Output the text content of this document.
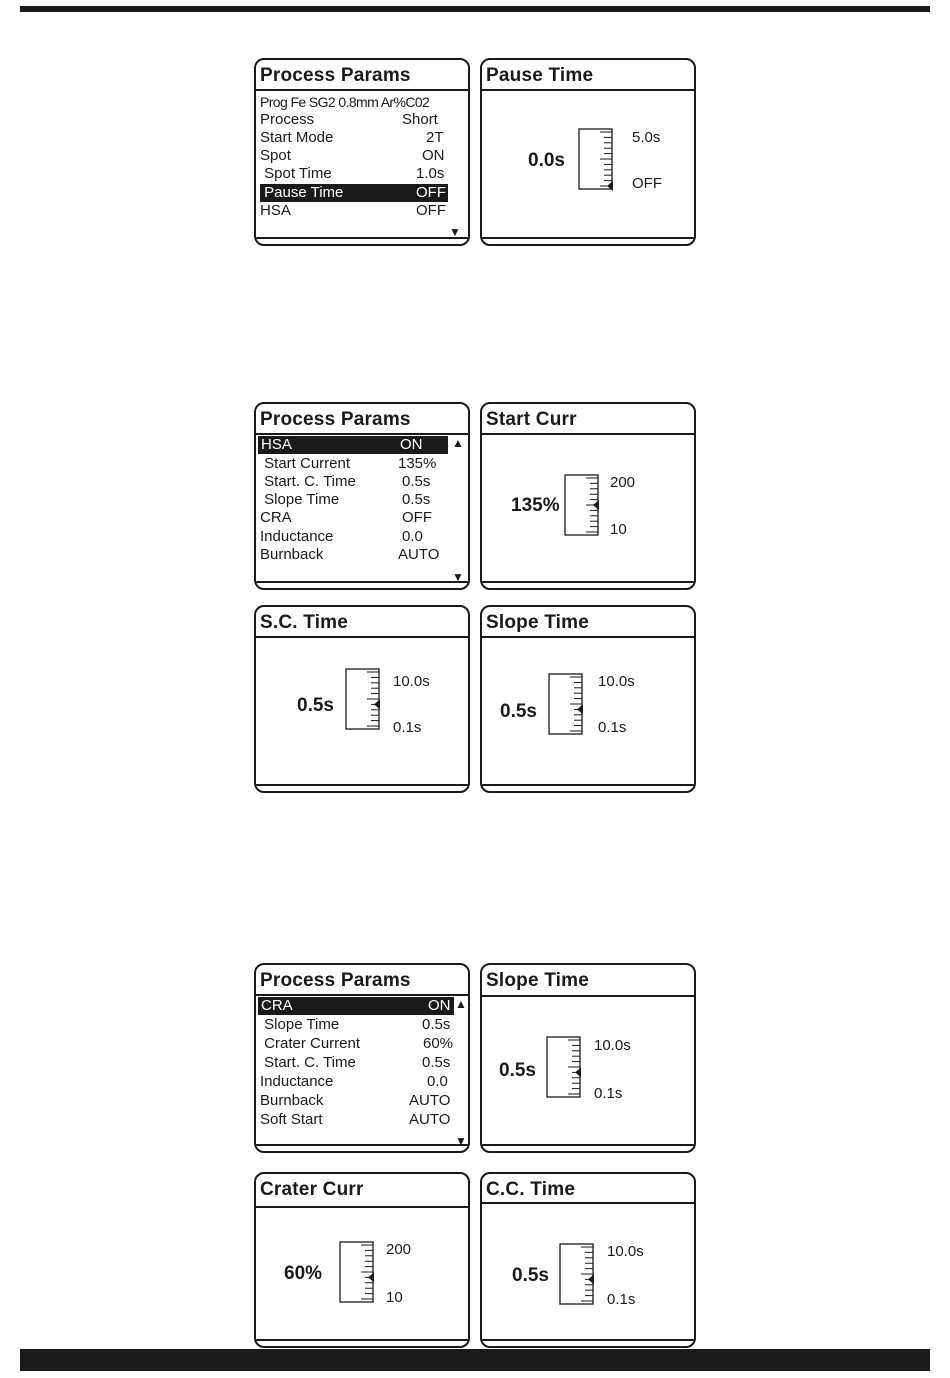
Process Params
Prog Fe SG2 0.8mm Ar%C02
Process	Short
Start Mode	2T
Spot	ON
Spot Time	1.0s
Pause Time	OFF
HSA	OFF
▼
Pause Time
0.0s
5.0s
OFF
Process Params
HSA	ON
Start Current	135%
Start. C. Time	0.5s
Slope Time	0.5s
CRA	OFF
Inductance	0.0
Burnback	AUTO
▲
▼
Start Curr
135%
200
10
S.C. Time
0.5s
10.0s
0.1s
Slope Time
0.5s
10.0s
0.1s
Process Params
CRA	ON
Slope Time	0.5s
Crater Current	60%
Start. C. Time	0.5s
Inductance	0.0
Burnback	AUTO
Soft Start	AUTO
▲
▼
Slope Time
0.5s
10.0s
0.1s
Crater Curr
60%
200
10
C.C. Time
0.5s
10.0s
0.1s
